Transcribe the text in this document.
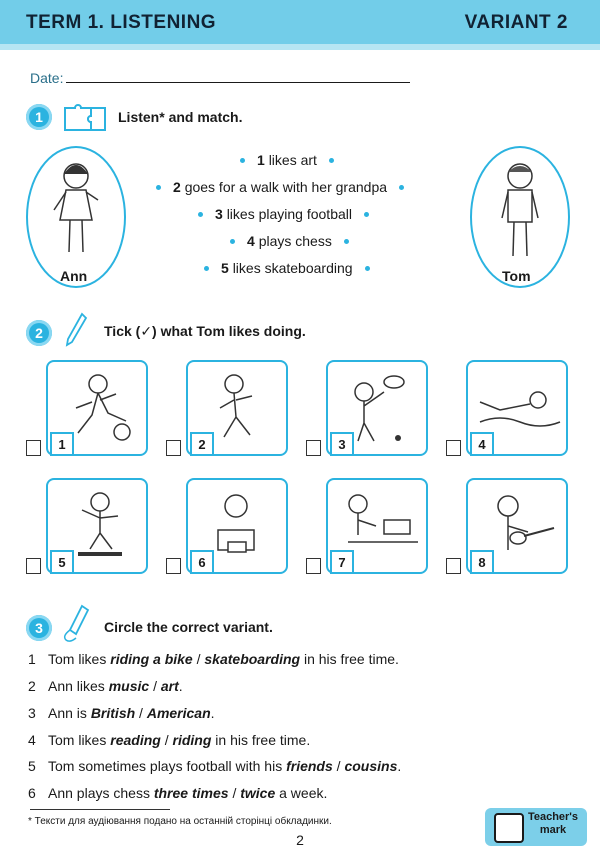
TERM 1. LISTENING	VARIANT 2
Date:
1	Listen* and match.
Ann	Tom
1 likes art
2 goes for a walk with her grandpa
3 likes playing football
4 plays chess
5 likes skateboarding
2	Tick (✓) what Tom likes doing.
1	2	3	4
5	6	7	8
3	Circle the correct variant.
1 Tom likes riding a bike / skateboarding in his free time.
2 Ann likes music / art.
3 Ann is British / American.
4 Tom likes reading / riding in his free time.
5 Tom sometimes plays football with his friends / cousins.
6 Ann plays chess three times / twice a week.
* Тексти для аудіювання подано на останній сторінці обкладинки.	Teacher's
mark
2
